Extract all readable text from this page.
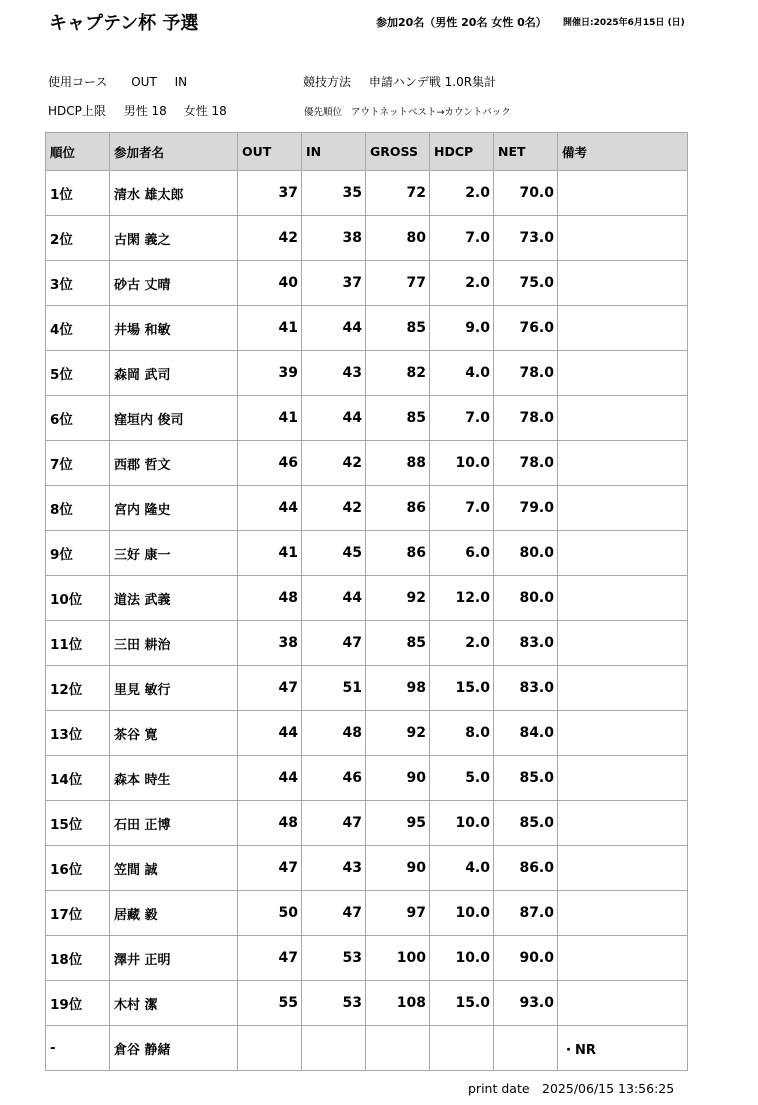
キャプテン杯 予選	参加20名（男性 20名 女性 0名） 開催日:2025年6月15日 (日)
使用コース OUT IN	競技方法 申請ハンデ戦 1.0R集計
HDCP上限 男性 18 女性 18	優先順位 アウトネットベスト→カウントバック
順位	参加者名	OUT	IN	GROSS	HDCP	NET	備考
1位	清水 雄太郎	37	35	72	2.0	70.0	
2位	古閑 義之	42	38	80	7.0	73.0	
3位	砂古 丈晴	40	37	77	2.0	75.0	
4位	井場 和敏	41	44	85	9.0	76.0	
5位	森岡 武司	39	43	82	4.0	78.0	
6位	窪垣内 俊司	41	44	85	7.0	78.0	
7位	西郡 哲文	46	42	88	10.0	78.0	
8位	宮内 隆史	44	42	86	7.0	79.0	
9位	三好 康一	41	45	86	6.0	80.0	
10位	道法 武義	48	44	92	12.0	80.0	
11位	三田 耕治	38	47	85	2.0	83.0	
12位	里見 敏行	47	51	98	15.0	83.0	
13位	茶谷 寛	44	48	92	8.0	84.0	
14位	森本 時生	44	46	90	5.0	85.0	
15位	石田 正博	48	47	95	10.0	85.0	
16位	笠間 誠	47	43	90	4.0	86.0	
17位	居藏 毅	50	47	97	10.0	87.0	
18位	澤井 正明	47	53	100	10.0	90.0	
19位	木村 潔	55	53	108	15.0	93.0	
-	倉谷 静緒						・NR
print date　2025/06/15 13:56:25
